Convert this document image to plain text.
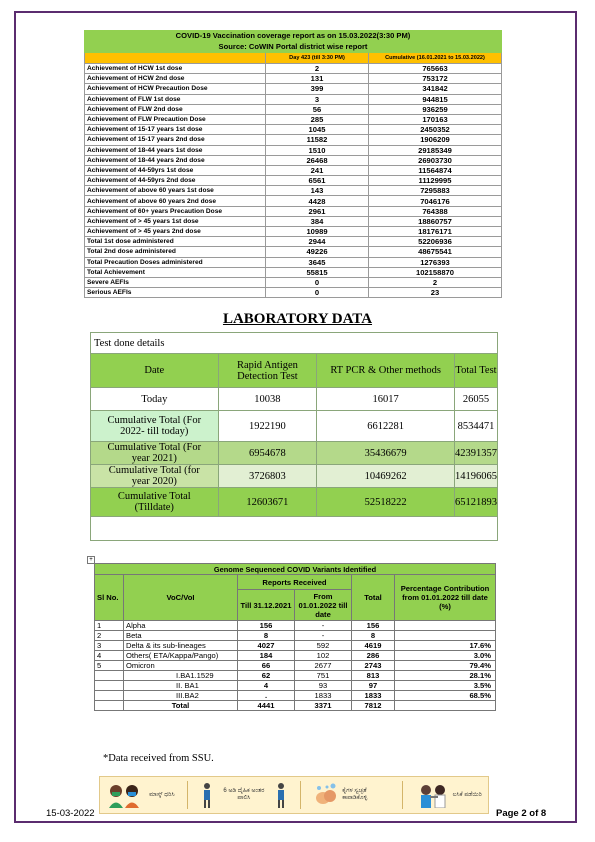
COVID-19 Vaccination coverage report as on 15.03.2022(3:30 PM)		
Source: CoWIN Portal district wise report		
	Day 423 (till 3:30 PM)	Cumulative (16.01.2021 to 15.03.2022)
Achievement of HCW 1st dose	2	765663
Achievement of HCW 2nd dose	131	753172
Achievement of HCW Precaution Dose	399	341842
Achievement of FLW 1st dose	3	944815
Achievement of FLW 2nd dose	56	936259
Achievement of FLW Precaution Dose	285	170163
Achievement of 15-17 years 1st dose	1045	2450352
Achievement of 15-17 years 2nd dose	11582	1906209
Achievement of 18-44 years 1st dose	1510	29185349
Achievement of 18-44 years 2nd dose	26468	26903730
Achievement of 44-59yrs 1st dose	241	11564874
Achievement of 44-59yrs 2nd dose	6561	11129995
Achievement of above 60 years 1st dose	143	7295883
Achievement of above 60 years 2nd dose	4428	7046176
Achievement of 60+ years Precaution Dose	2961	764388
Achievement of > 45 years 1st dose	384	18860757
Achievement of > 45 years 2nd dose	10989	18176171
Total 1st dose administered	2944	52206936
Total 2nd dose administered	49226	48675541
Total Precaution Doses administered	3645	1276393
Total Achievement	55815	102158870
Severe AEFIs	0	2
Serious AEFIs	0	23
LABORATORY DATA
Test done details			
Date	Rapid Antigen Detection Test	RT PCR & Other methods	Total Test
Today	10038	16017	26055
Cumulative Total (For 2022- till today)	1922190	6612281	8534471
Cumulative Total (For year 2021)	6954678	35436679	42391357
Cumulative Total (for year 2020)	3726803	10469262	14196065
Cumulative Total (Tilldate)	12603671	52518222	65121893

+
Genome Sequenced COVID Variants Identified					
Sl No.	VoC/VoI	Reports Received		Total	Percentage Contribution from 01.01.2022 till date (%)
		Till 31.12.2021	From 01.01.2022 till date		
1	Alpha	156	-	156	
2	Beta	8	-	8	
3	Delta & its sub-lineages	4027	592	4619	17.6%
4	Others( ETA/Kappa/Pango)	184	102	286	3.0%
5	Omicron	66	2677	2743	79.4%
	I.BA1.1529	62	751	813	28.1%
	II. BA1	4	93	97	3.5%
	III.BA2	.	1833	1833	68.5%
	Total	4441	3371	7812	
*Data received from SSU.
ಮಾಸ್ಕ್ ಧರಿಸಿ
6 ಅಡಿ ದೈಹಿಕ ಅಂತರ ಪಾಲಿಸಿ
ಕೈಗಳ ಸ್ವಚ್ಛತೆ ಕಾಪಾಡಿಕೊಳ್ಳಿ
ಲಸಿಕೆ ಪಡೆಯಿರಿ
15-03-2022	Page 2 of 8
